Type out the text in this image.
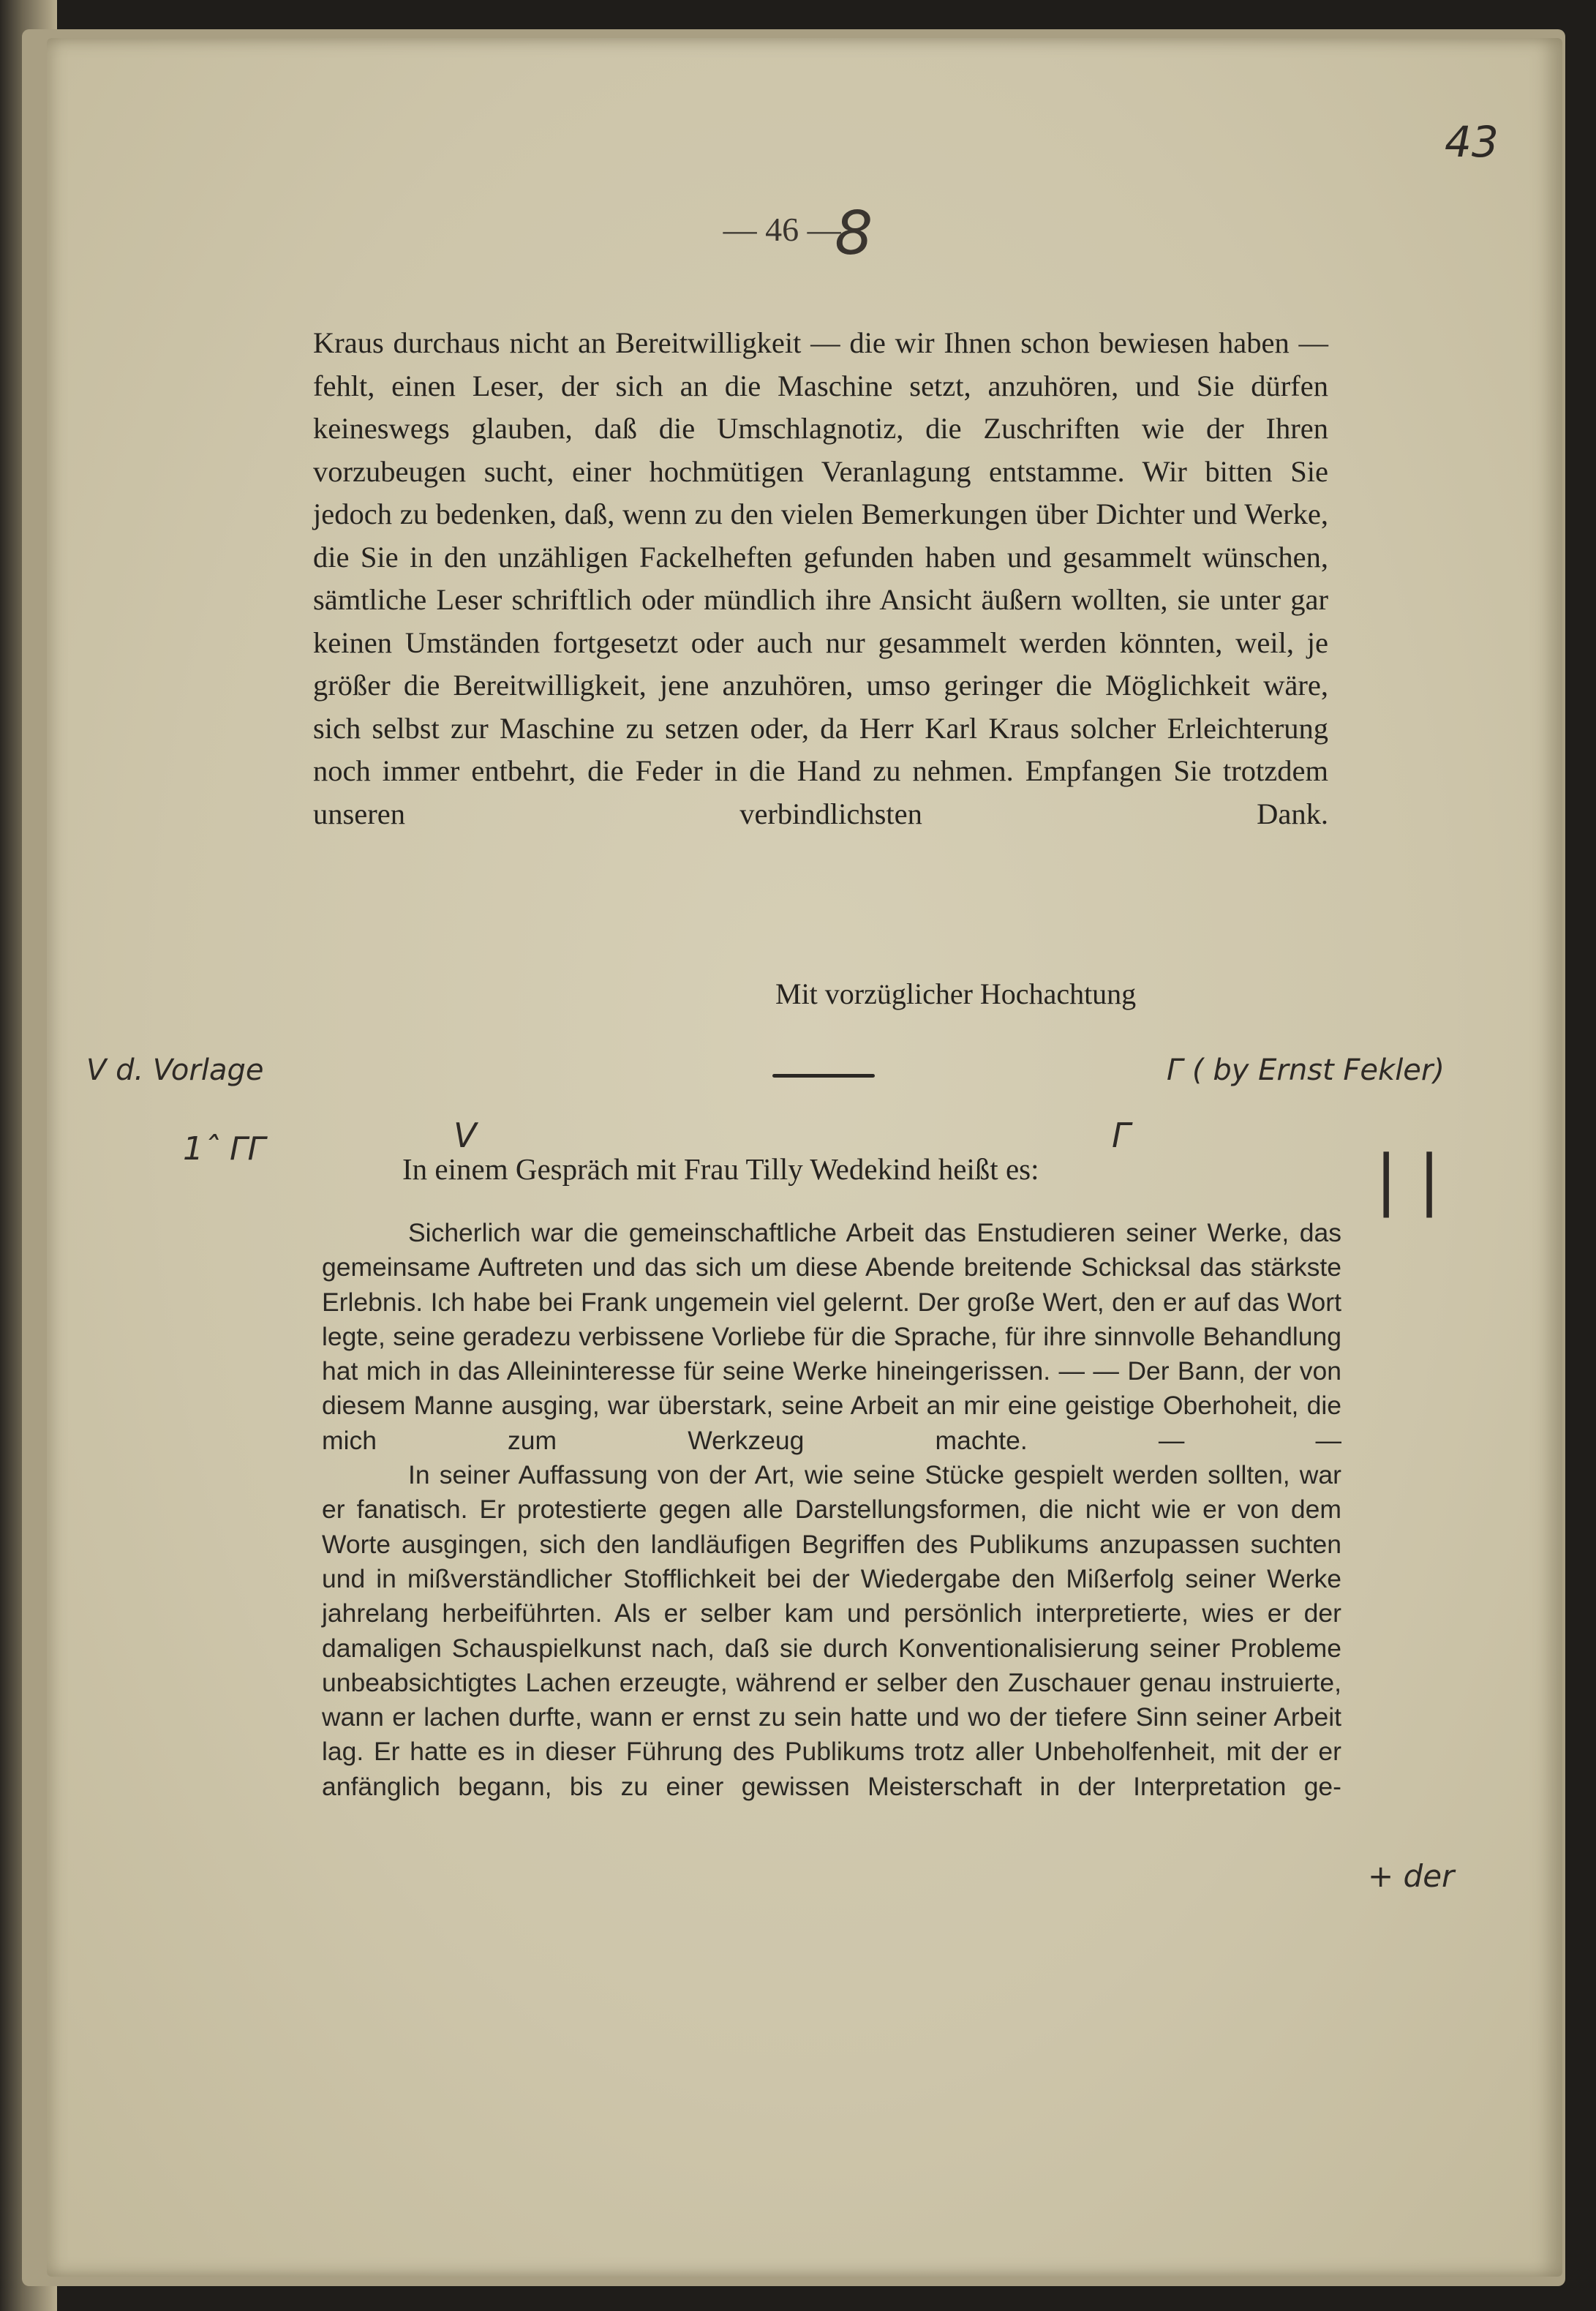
43
— 46 — 8
Kraus durchaus nicht an Bereitwilligkeit — die wir Ihnen schon bewiesen haben — fehlt, einen Leser, der sich an die Maschine setzt, anzuhören, und Sie dürfen keineswegs glauben, daß die Umschlagnotiz, die Zuschriften wie der Ihren vorzubeugen sucht, einer hochmütigen Veranlagung entstamme. Wir bitten Sie jedoch zu bedenken, daß, wenn zu den vielen Bemerkungen über Dichter und Werke, die Sie in den unzähligen Fackelheften gefunden haben und gesammelt wünschen, sämtliche Leser schriftlich oder mündlich ihre Ansicht äußern wollten, sie unter gar keinen Umständen fortgesetzt oder auch nur gesammelt werden könnten, weil, je größer die Bereitwilligkeit, jene anzuhören, umso geringer die Möglichkeit wäre, sich selbst zur Maschine zu setzen oder, da Herr Karl Kraus solcher Erleichterung noch immer entbehrt, die Feder in die Hand zu nehmen. Empfangen Sie trotzdem unseren verbindlichsten Dank.
Mit vorzüglicher Hochachtung
V d. Vorlage	Γ ( by Ernst Fekler)
1ˆ ΓΓ	V	Γ
| |
+ der
In einem Gespräch mit Frau Tilly Wedekind heißt es:

Sicherlich war die gemeinschaftliche Arbeit das Enstudieren seiner Werke, das gemeinsame Auftreten und das sich um diese Abende breitende Schicksal das stärkste Erlebnis. Ich habe bei Frank ungemein viel gelernt. Der große Wert, den er auf das Wort legte, seine geradezu verbissene Vorliebe für die Sprache, für ihre sinnvolle Behandlung hat mich in das Alleininteresse für seine Werke hineingerissen. — — Der Bann, der von diesem Manne ausging, war überstark, seine Arbeit an mir eine geistige Oberhoheit, die mich zum Werkzeug machte. — —

In seiner Auffassung von der Art, wie seine Stücke gespielt werden sollten, war er fanatisch. Er protestierte gegen alle Darstellungsformen, die nicht wie er von dem Worte ausgingen, sich den landläufigen Begriffen des Publikums anzupassen suchten und in mißverständlicher Stofflichkeit bei der Wiedergabe den Mißerfolg seiner Werke jahrelang herbeiführten. Als er selber kam und persönlich interpretierte, wies er der damaligen Schauspielkunst nach, daß sie durch Konventionalisierung seiner Probleme unbeabsichtigtes Lachen erzeugte, während er selber den Zuschauer genau instruierte, wann er lachen durfte, wann er ernst zu sein hatte und wo der tiefere Sinn seiner Arbeit lag. Er hatte es in dieser Führung des Publikums trotz aller Unbeholfenheit, mit der er anfänglich begann, bis zu einer gewissen Meisterschaft in der Interpretation ge-
